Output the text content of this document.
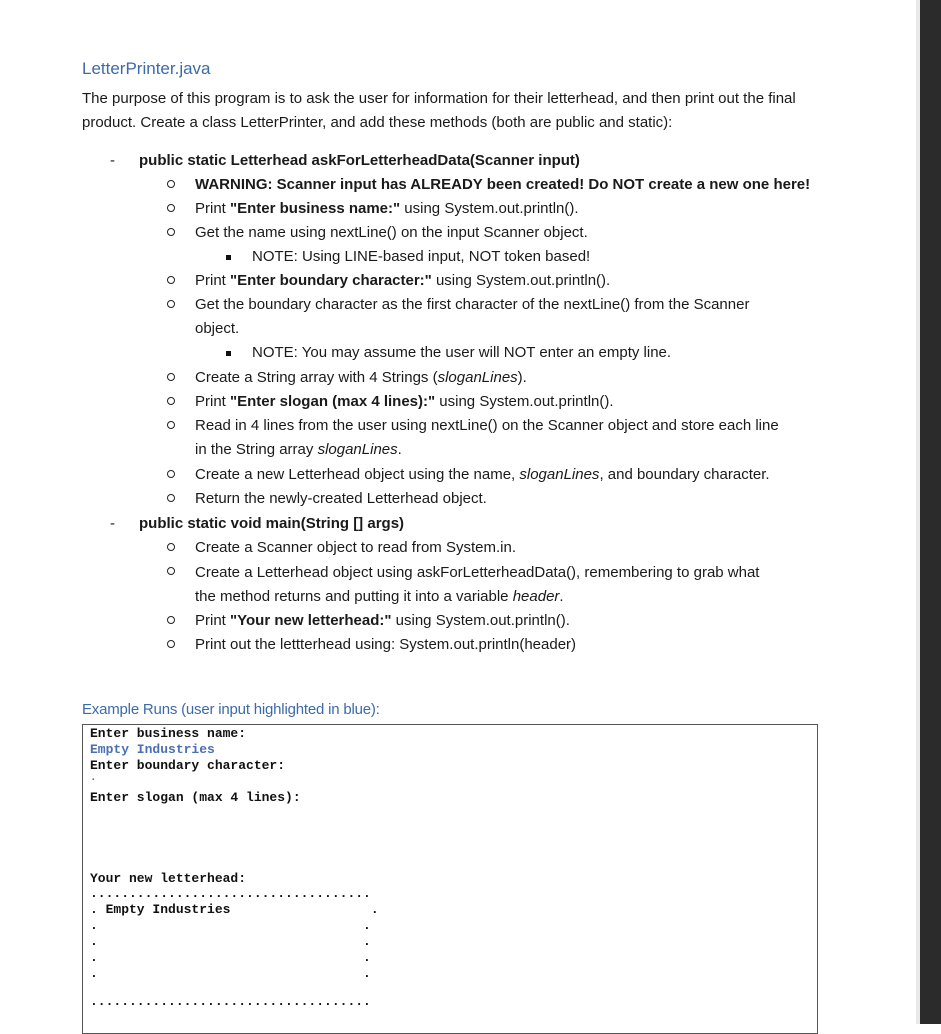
LetterPrinter.java
The purpose of this program is to ask the user for information for their letterhead, and then print out the final product. Create a class LetterPrinter, and add these methods (both are public and static):
- public static Letterhead askForLetterheadData(Scanner input)
WARNING: Scanner input has ALREADY been created! Do NOT create a new one here!
Print "Enter business name:" using System.out.println().
Get the name using nextLine() on the input Scanner object.
NOTE: Using LINE-based input, NOT token based!
Print "Enter boundary character:" using System.out.println().
Get the boundary character as the first character of the nextLine() from the Scanner
object.
NOTE: You may assume the user will NOT enter an empty line.
Create a String array with 4 Strings (sloganLines).
Print "Enter slogan (max 4 lines):" using System.out.println().
Read in 4 lines from the user using nextLine() on the Scanner object and store each line
in the String array sloganLines.
Create a new Letterhead object using the name, sloganLines, and boundary character.
Return the newly-created Letterhead object.
- public static void main(String [] args)
Create a Scanner object to read from System.in.
Create a Letterhead object using askForLetterheadData(), remembering to grab what
the method returns and putting it into a variable header.
Print "Your new letterhead:" using System.out.println().
Print out the lettterhead using: System.out.println(header)
Example Runs (user input highlighted in blue):
Enter business name:
Empty Industries
Enter boundary character:
.
Enter slogan (max 4 lines):
Your new letterhead:
....................................
. Empty Industries                  .
.                                  .
.                                  .
.                                  .
.                                  .
....................................
